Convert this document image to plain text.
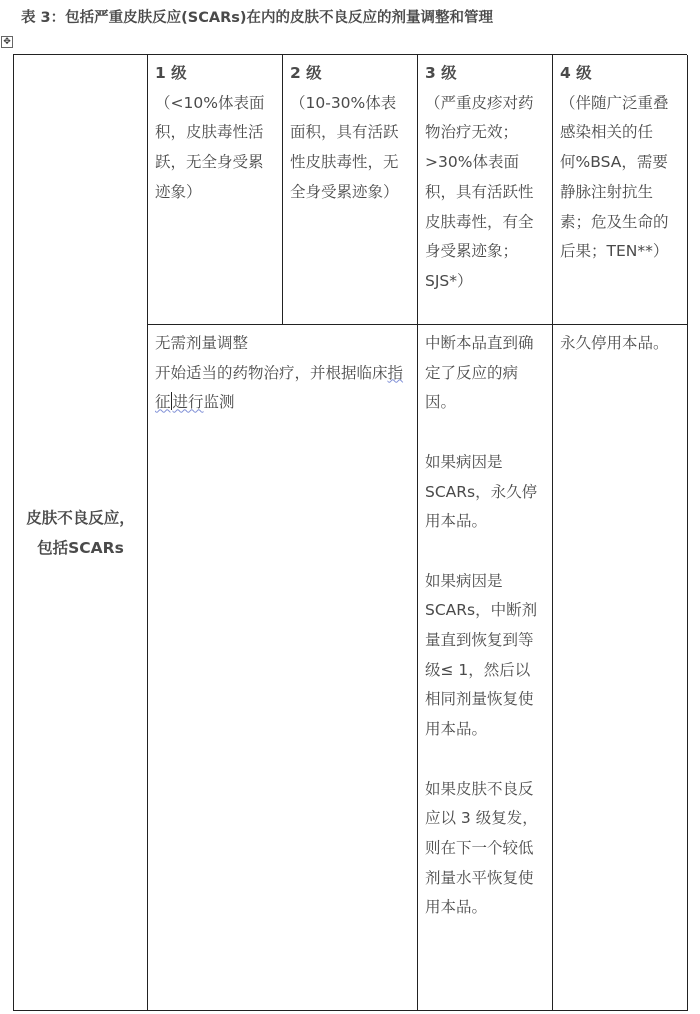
表 3：包括严重皮肤反应(SCARs)在内的皮肤不良反应的剂量调整和管理
✥
皮肤不良反应，包括SCARs
1 级
（<10%体表面积，皮肤毒性活跃，无全身受累迹象）
2 级
（10-30%体表面积，具有活跃性皮肤毒性，无全身受累迹象）
3 级
（严重皮疹对药物治疗无效；>30%体表面积，具有活跃性皮肤毒性，有全身受累迹象；SJS*）
4 级
（伴随广泛重叠感染相关的任何%BSA，需要静脉注射抗生素；危及生命的后果；TEN**）
无需剂量调整
开始适当的药物治疗，并根据临床指征 进行监测
中断本品直到确定了反应的病因。
如果病因是SCARs，永久停用本品。
如果病因是SCARs，中断剂量直到恢复到等级≤ 1，然后以相同剂量恢复使用本品。
如果皮肤不良反应以 3 级复发，则在下一个较低剂量水平恢复使用本品。
永久停用本品。
